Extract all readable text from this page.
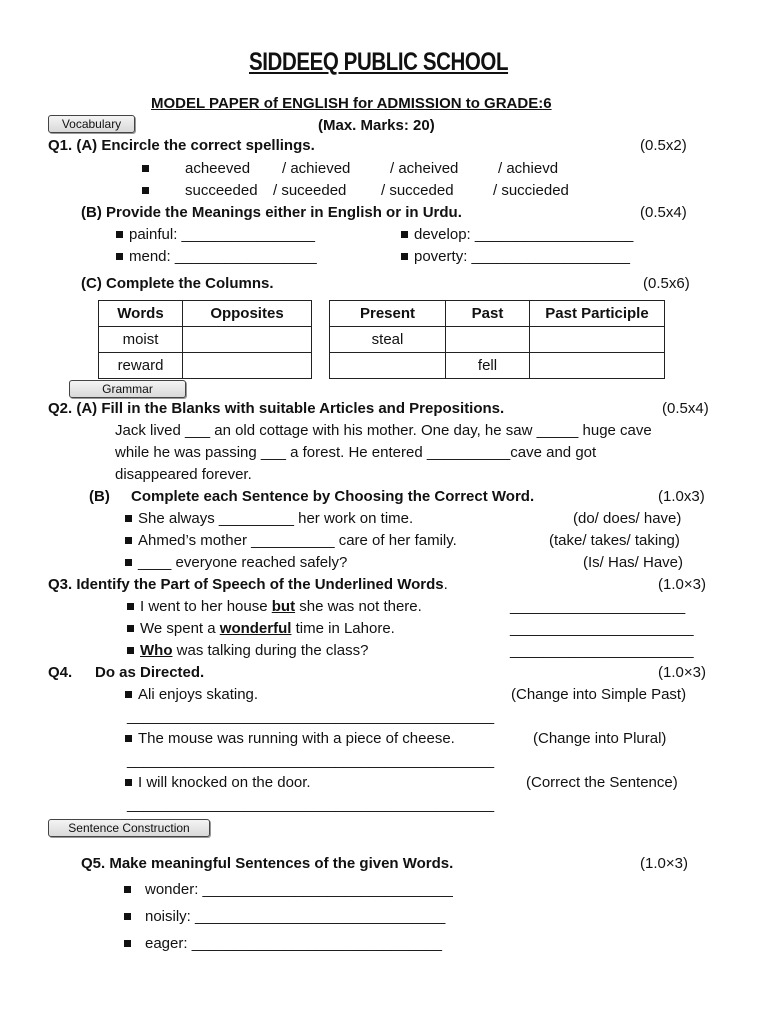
SIDDEEQ PUBLIC SCHOOL
MODEL PAPER of ENGLISH for ADMISSION to GRADE:6
(Max. Marks: 20)
Vocabulary
Grammar
Sentence Construction
Q1. (A) Encircle the correct spellings.	(0.5x2)
acheeved / achieved	/ acheived	/ achievd
succeeded / suceeded / succeded	/ succieded
(B) Provide the Meanings either in English or in Urdu.	(0.5x4)
painful: ________________	develop: ___________________
mend: _________________	poverty: ___________________
(C) Complete the Columns.	(0.5x6)
Words	Opposites
moist	
reward	
Present	Past	Past Participle
steal		
	fell	
Q2. (A) Fill in the Blanks with suitable Articles and Prepositions.	(0.5x4)
Jack lived ___ an old cottage with his mother. One day, he saw _____ huge cave
while he was passing ___ a forest. He entered __________cave and got
disappeared forever.
(B) Complete each Sentence by Choosing the Correct Word.	(1.0x3)
She always _________ her work on time.	(do/ does/ have)
Ahmed’s mother __________ care of her family.	(take/ takes/ taking)
____ everyone reached safely?	(Is/ Has/ Have)
Q3. Identify the Part of Speech of the Underlined Words.	(1.0×3)
I went to her house but she was not there.	_____________________
We spent a wonderful time in Lahore.	______________________
Who was talking during the class?	______________________
Q4. Do as Directed.	(1.0×3)
Ali enjoys skating.	(Change into Simple Past)
____________________________________________
The mouse was running with a piece of cheese.	(Change into Plural)
____________________________________________
I will knocked on the door.	(Correct the Sentence)
____________________________________________
Q5. Make meaningful Sentences of the given Words.	(1.0×3)
wonder: ______________________________
noisily: ______________________________
eager: ______________________________
